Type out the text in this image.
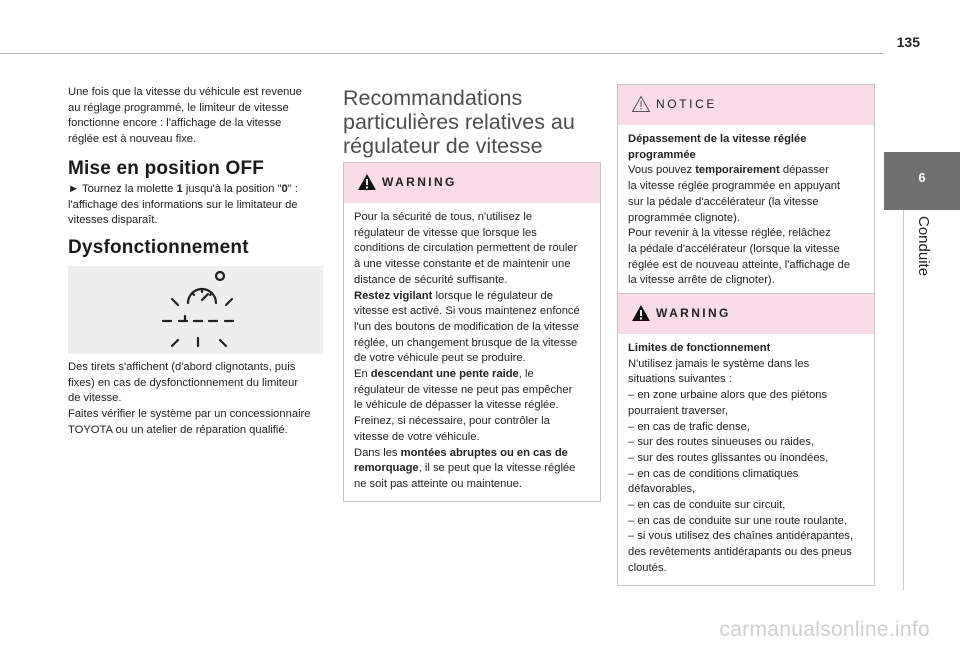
135
6
Conduite
Une fois que la vitesse du véhicule est revenue
au réglage programmé, le limiteur de vitesse
fonctionne encore : l'affichage de la vitesse
réglée est à nouveau fixe.
Mise en position OFF
► Tournez la molette 1 jusqu'à la position "0" :
l'affichage des informations sur le limitateur de
vitesses disparaît.
Dysfonctionnement
Des tirets s'affichent (d'abord clignotants, puis
fixes) en cas de dysfonctionnement du limiteur
de vitesse.
Faites vérifier le système par un concessionnaire
TOYOTA ou un atelier de réparation qualifié.
Recommandations
particulières relatives au
régulateur de vitesse
WARNING
Pour la sécurité de tous, n'utilisez le
régulateur de vitesse que lorsque les
conditions de circulation permettent de rouler
à une vitesse constante et de maintenir une
distance de sécurité suffisante.
Restez vigilant lorsque le régulateur de
vitesse est activé. Si vous maintenez enfoncé
l'un des boutons de modification de la vitesse
réglée, un changement brusque de la vitesse
de votre véhicule peut se produire.
En descendant une pente raide, le
régulateur de vitesse ne peut pas empêcher
le véhicule de dépasser la vitesse réglée.
Freinez, si nécessaire, pour contrôler la
vitesse de votre véhicule.
Dans les montées abruptes ou en cas de
remorquage, il se peut que la vitesse réglée
ne soit pas atteinte ou maintenue.
NOTICE
Dépassement de la vitesse réglée
programmée
Vous pouvez temporairement dépasser
la vitesse réglée programmée en appuyant
sur la pédale d'accélérateur (la vitesse
programmée clignote).
Pour revenir à la vitesse réglée, relâchez
la pédale d'accélérateur (lorsque la vitesse
réglée est de nouveau atteinte, l'affichage de
la vitesse arrête de clignoter).
WARNING
Limites de fonctionnement
N'utilisez jamais le système dans les
situations suivantes :
– en zone urbaine alors que des piétons
pourraient traverser,
– en cas de trafic dense,
– sur des routes sinueuses ou raides,
– sur des routes glissantes ou inondées,
– en cas de conditions climatiques
défavorables,
– en cas de conduite sur circuit,
– en cas de conduite sur une route roulante,
– si vous utilisez des chaînes antidérapantes,
des revêtements antidérapants ou des pneus
cloutés.
carmanualsonline.info
